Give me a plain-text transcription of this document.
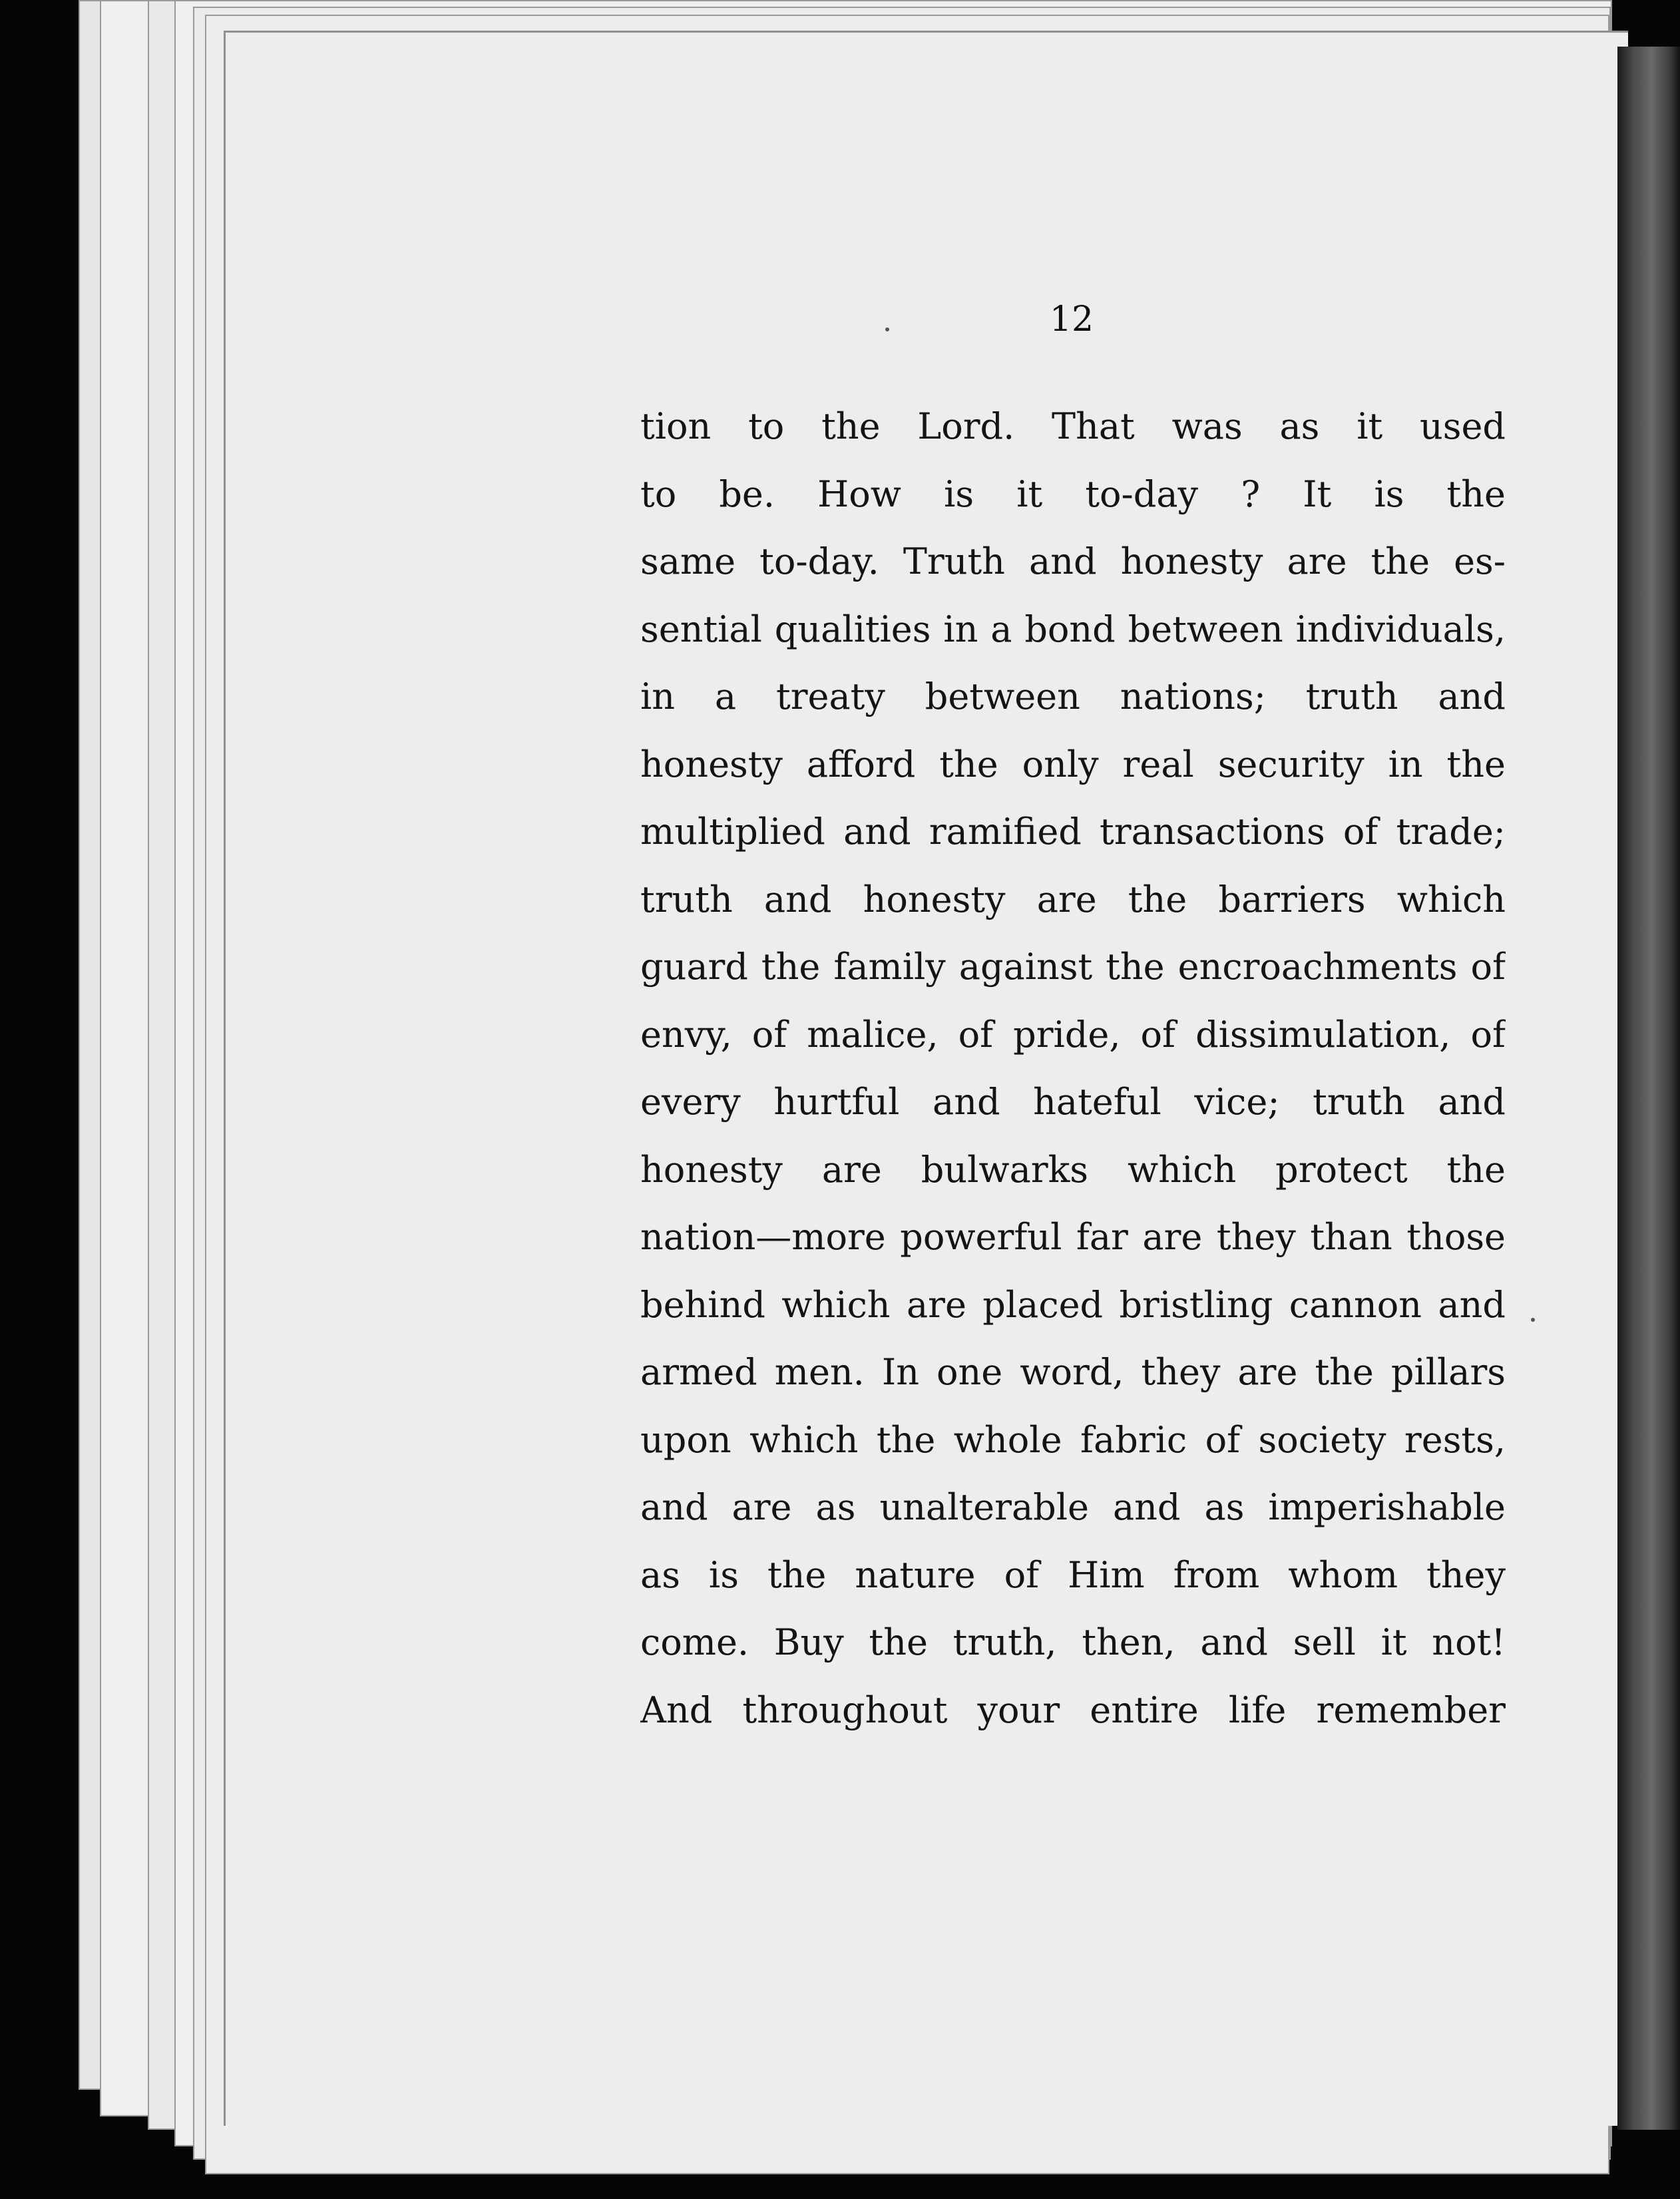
12
tion to the Lord. That was as it used
to be. How is it to-day ? It is the
same to-day. Truth and honesty are the es-
sential qualities in a bond between individuals,
in a treaty between nations; truth and
honesty afford the only real security in the
multiplied and ramified transactions of trade;
truth and honesty are the barriers which
guard the family against the encroachments of
envy, of malice, of pride, of dissimulation, of
every hurtful and hateful vice; truth and
honesty are bulwarks which protect the
nation—more powerful far are they than those
behind which are placed bristling cannon and
armed men. In one word, they are the pillars
upon which the whole fabric of society rests,
and are as unalterable and as imperishable
as is the nature of Him from whom they
come. Buy the truth, then, and sell it not!
And throughout your entire life remember
